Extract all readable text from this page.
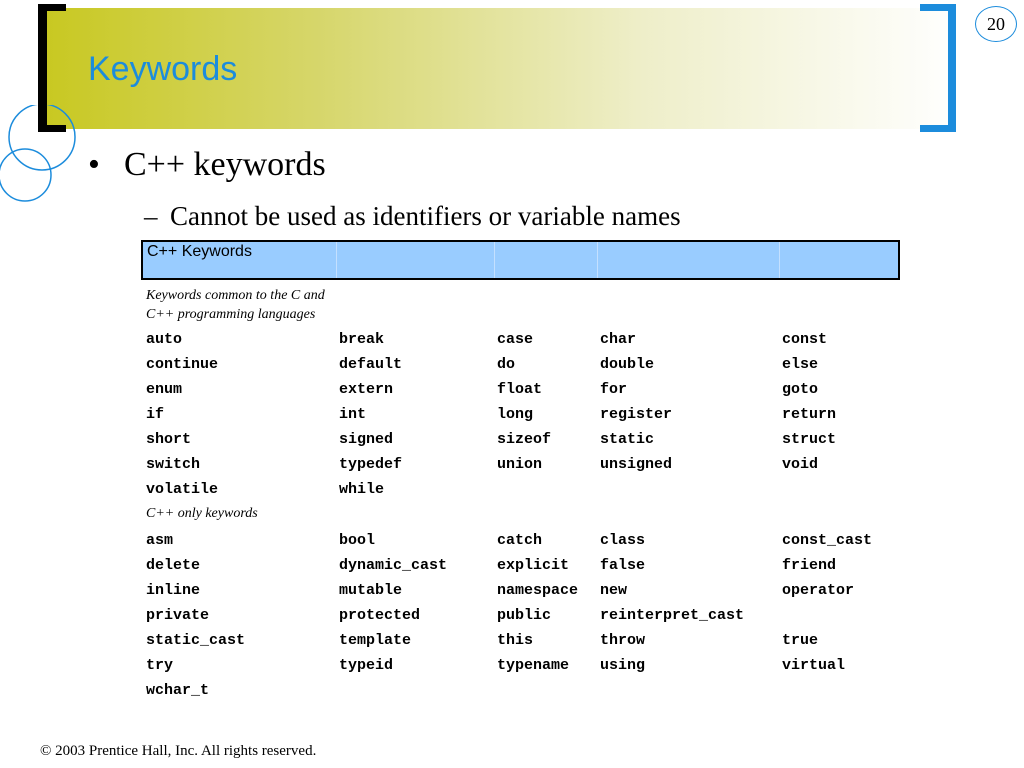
Keywords
20
• C++ keywords
– Cannot be used as identifiers or variable names
C++ Keywords
Keywords common to the C and C++ programming languages
auto	break	case	char	const
continue	default	do	double	else
enum	extern	float	for	goto
if	int	long	register	return
short	signed	sizeof	static	struct
switch	typedef	union	unsigned	void
volatile	while
C++ only keywords
asm	bool	catch	class	const_cast
delete	dynamic_cast	explicit	false	friend
inline	mutable	namespace	new	operator
private	protected	public	reinterpret_cast
static_cast	template	this	throw	true
try	typeid	typename	using	virtual
wchar_t
© 2003 Prentice Hall, Inc. All rights reserved.
